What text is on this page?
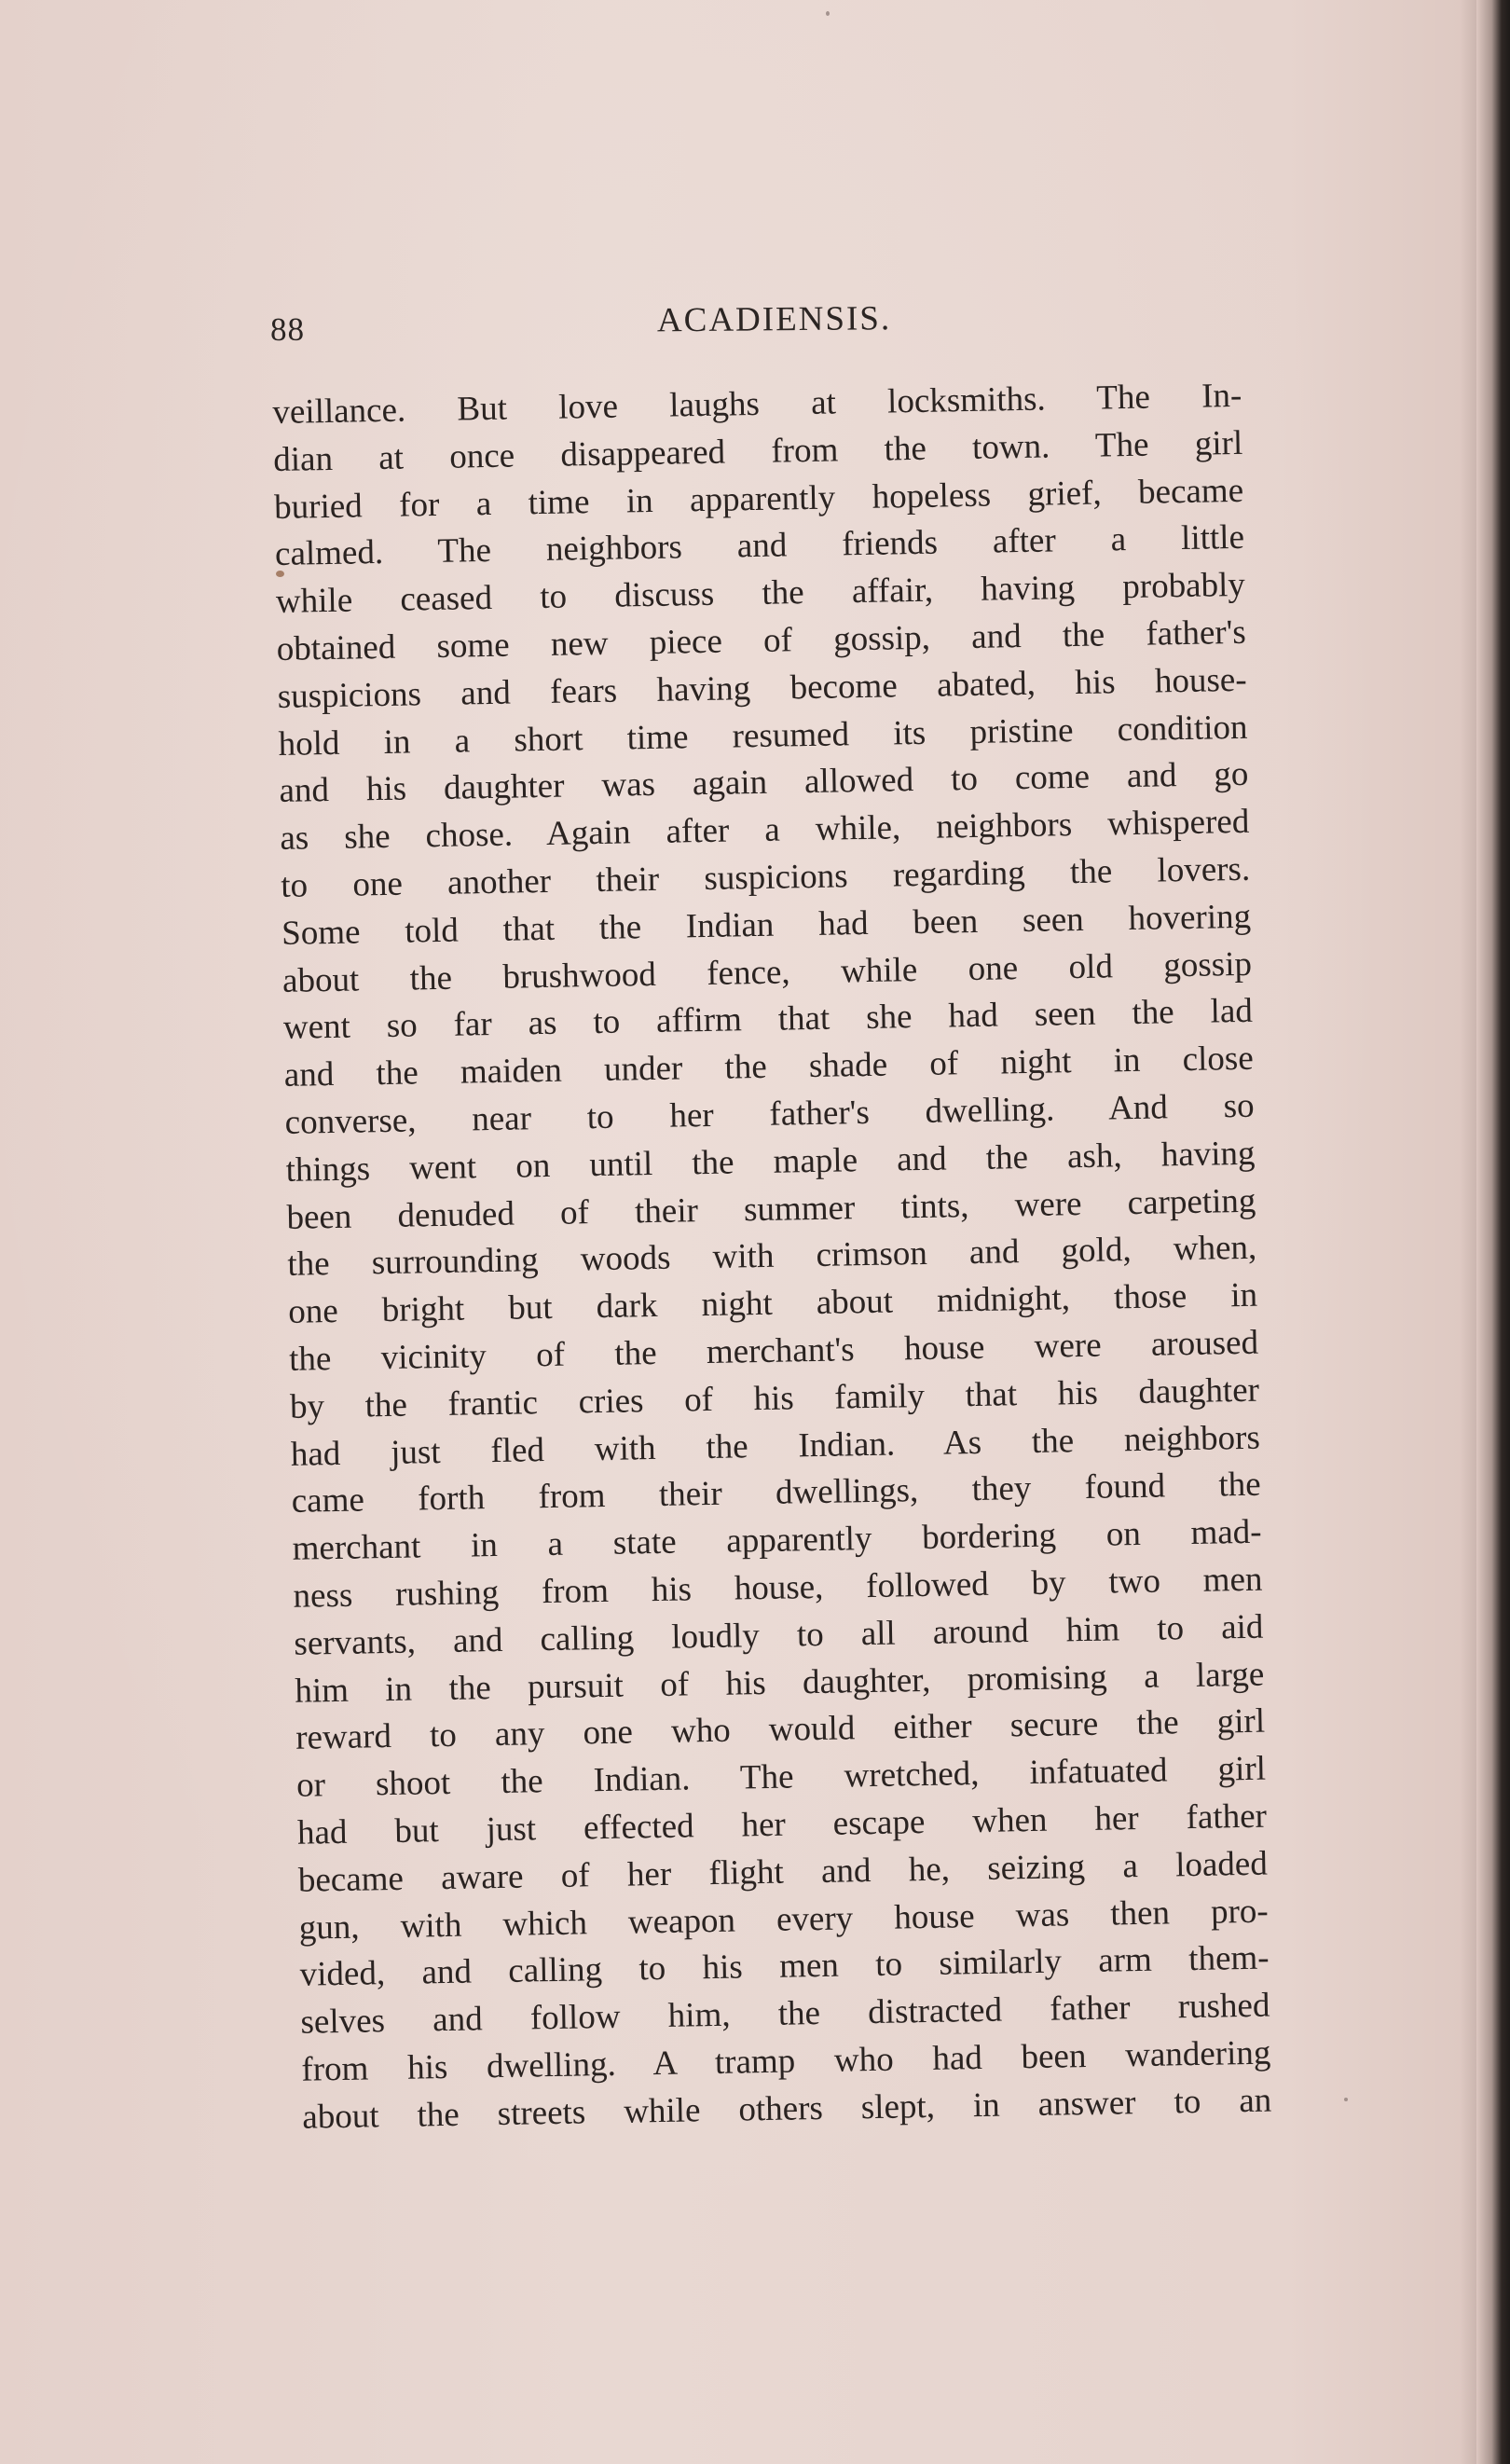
88	ACADIENSIS.
veillance. But love laughs at locksmiths. The In-
dian at once disappeared from the town. The girl
buried for a time in apparently hopeless grief, became
calmed. The neighbors and friends after a little
while ceased to discuss the affair, having probably
obtained some new piece of gossip, and the father's
suspicions and fears having become abated, his house-
hold in a short time resumed its pristine condition
and his daughter was again allowed to come and go
as she chose. Again after a while, neighbors whispered
to one another their suspicions regarding the lovers.
Some told that the Indian had been seen hovering
about the brushwood fence, while one old gossip
went so far as to affirm that she had seen the lad
and the maiden under the shade of night in close
converse, near to her father's dwelling. And so
things went on until the maple and the ash, having
been denuded of their summer tints, were carpeting
the surrounding woods with crimson and gold, when,
one bright but dark night about midnight, those in
the vicinity of the merchant's house were aroused
by the frantic cries of his family that his daughter
had just fled with the Indian. As the neighbors
came forth from their dwellings, they found the
merchant in a state apparently bordering on mad-
ness rushing from his house, followed by two men
servants, and calling loudly to all around him to aid
him in the pursuit of his daughter, promising a large
reward to any one who would either secure the girl
or shoot the Indian. The wretched, infatuated girl
had but just effected her escape when her father
became aware of her flight and he, seizing a loaded
gun, with which weapon every house was then pro-
vided, and calling to his men to similarly arm them-
selves and follow him, the distracted father rushed
from his dwelling. A tramp who had been wandering
about the streets while others slept, in answer to an
